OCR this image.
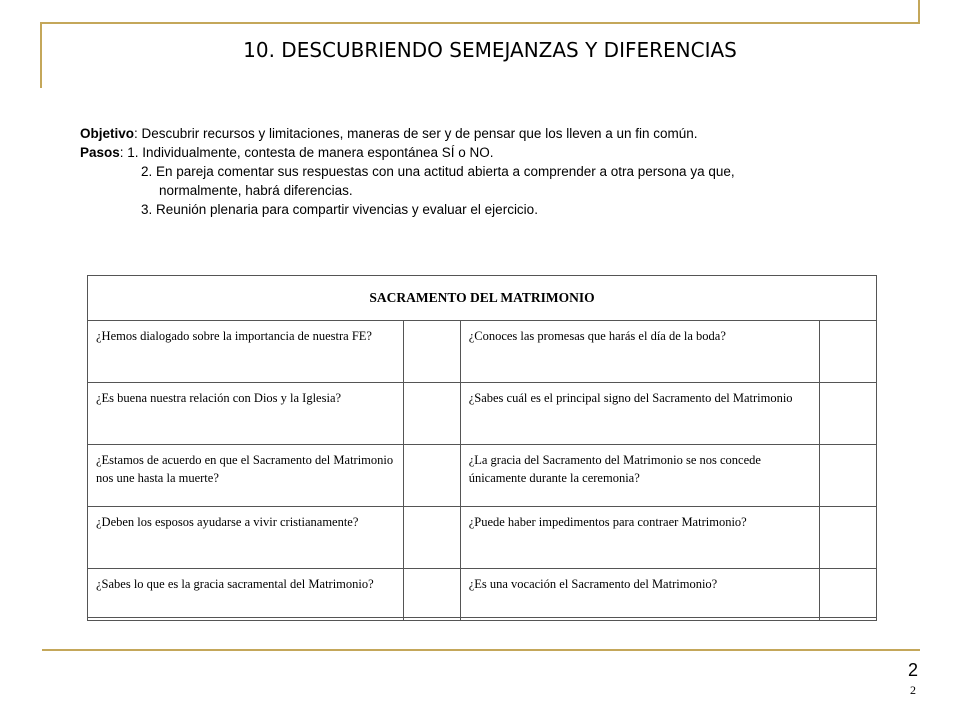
10. DESCUBRIENDO SEMEJANZAS Y DIFERENCIAS
Objetivo: Descubrir recursos y limitaciones, maneras de ser y de pensar que los lleven a un fin común.
Pasos: 1. Individualmente, contesta de manera espontánea SÍ o NO.
2. En pareja comentar sus respuestas con una actitud abierta a comprender a otra persona ya que,
normalmente, habrá diferencias.
3. Reunión plenaria para compartir vivencias y evaluar el ejercicio.
SACRAMENTO DEL MATRIMONIO			
¿Hemos dialogado sobre la importancia de nuestra FE?		¿Conoces las promesas que harás el día de la boda?	
¿Es buena nuestra relación con Dios y la Iglesia?		¿Sabes cuál es el principal signo del Sacramento del Matrimonio	
¿Estamos de acuerdo en que el Sacramento del Matrimonio nos une hasta la muerte?		¿La gracia del Sacramento del Matrimonio se nos concede únicamente durante la ceremonia?	
¿Deben los esposos ayudarse a vivir cristianamente?		¿Puede haber impedimentos para contraer Matrimonio?	
¿Sabes lo que es la gracia sacramental del Matrimonio?		¿Es una vocación el Sacramento del Matrimonio?	

2
2
